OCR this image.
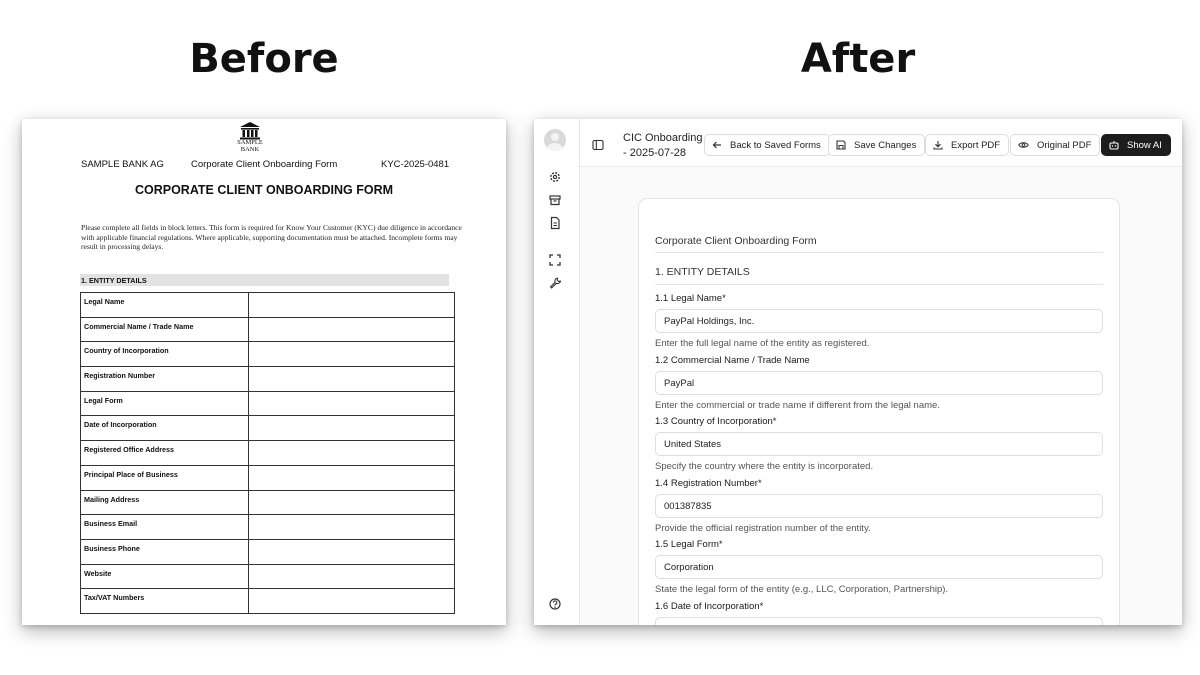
Before	After
SAMPLE
BANK
SAMPLE BANK AG	Corporate Client Onboarding Form	KYC-2025-0481
CORPORATE CLIENT ONBOARDING FORM
Please complete all fields in block letters. This form is required for Know Your Customer (KYC) due diligence in accordance with applicable financial regulations. Where applicable, supporting documentation must be attached. Incomplete forms may result in processing delays.
1. ENTITY DETAILS
Legal Name	
Commercial Name / Trade Name	
Country of Incorporation	
Registration Number	
Legal Form	
Date of Incorporation	
Registered Office Address	
Principal Place of Business	
Mailing Address	
Business Email	
Business Phone	
Website	
Tax/VAT Numbers	
CIC Onboarding - 2025-07-28
Back to Saved Forms	Save Changes	Export PDF	Original PDF	Show AI
Corporate Client Onboarding Form
1. ENTITY DETAILS
1.1 Legal Name*
PayPal Holdings, Inc.
Enter the full legal name of the entity as registered.
1.2 Commercial Name / Trade Name
PayPal
Enter the commercial or trade name if different from the legal name.
1.3 Country of Incorporation*
United States
Specify the country where the entity is incorporated.
1.4 Registration Number*
001387835
Provide the official registration number of the entity.
1.5 Legal Form*
Corporation
State the legal form of the entity (e.g., LLC, Corporation, Partnership).
1.6 Date of Incorporation*
1/3/2015
